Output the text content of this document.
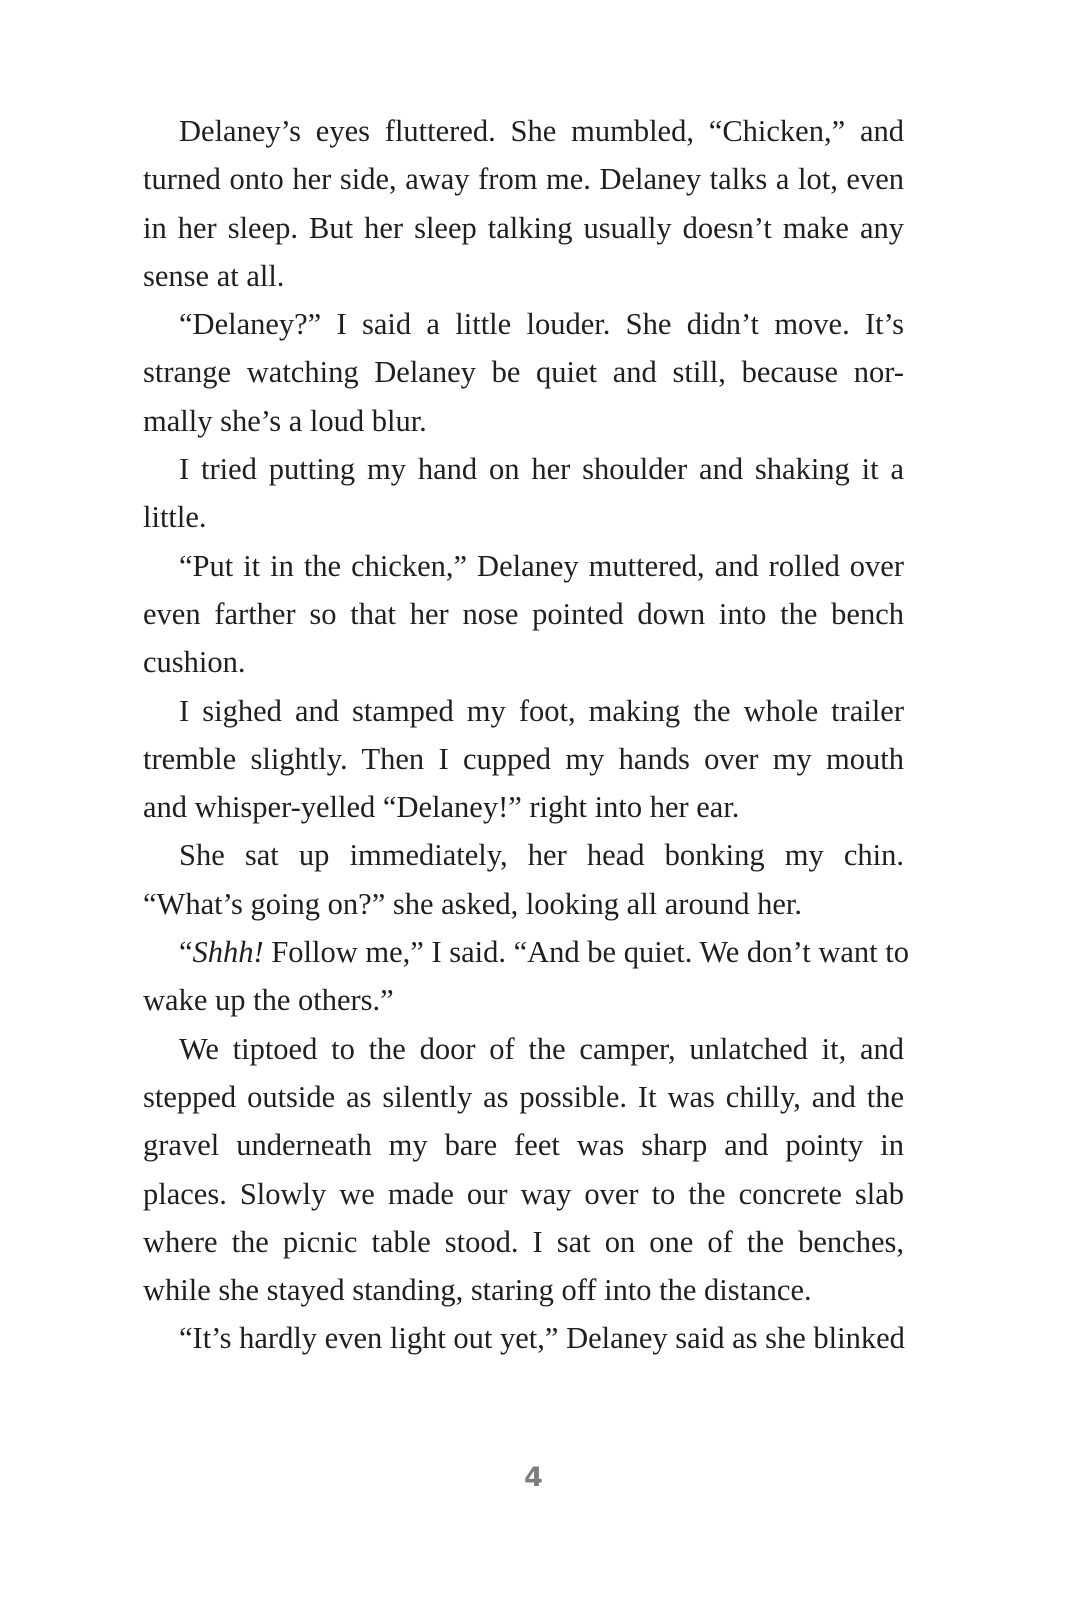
Delaney’s eyes fluttered. She mumbled, “Chicken,” and
turned onto her side, away from me. Delaney talks a lot, even
in her sleep. But her sleep talking usually doesn’t make any
sense at all.
“Delaney?” I said a little louder. She didn’t move. It’s
strange watching Delaney be quiet and still, because nor-
mally she’s a loud blur.
I tried putting my hand on her shoulder and shaking it a
little.
“Put it in the chicken,” Delaney muttered, and rolled over
even farther so that her nose pointed down into the bench
cushion.
I sighed and stamped my foot, making the whole trailer
tremble slightly. Then I cupped my hands over my mouth
and whisper-yelled “Delaney!” right into her ear.
She sat up immediately, her head bonking my chin.
“What’s going on?” she asked, looking all around her.
“Shhh! Follow me,” I said. “And be quiet. We don’t want to
wake up the others.”
We tiptoed to the door of the camper, unlatched it, and
stepped outside as silently as possible. It was chilly, and the
gravel underneath my bare feet was sharp and pointy in
places. Slowly we made our way over to the concrete slab
where the picnic table stood. I sat on one of the benches,
while she stayed standing, staring off into the distance.
“It’s hardly even light out yet,” Delaney said as she blinked
4
